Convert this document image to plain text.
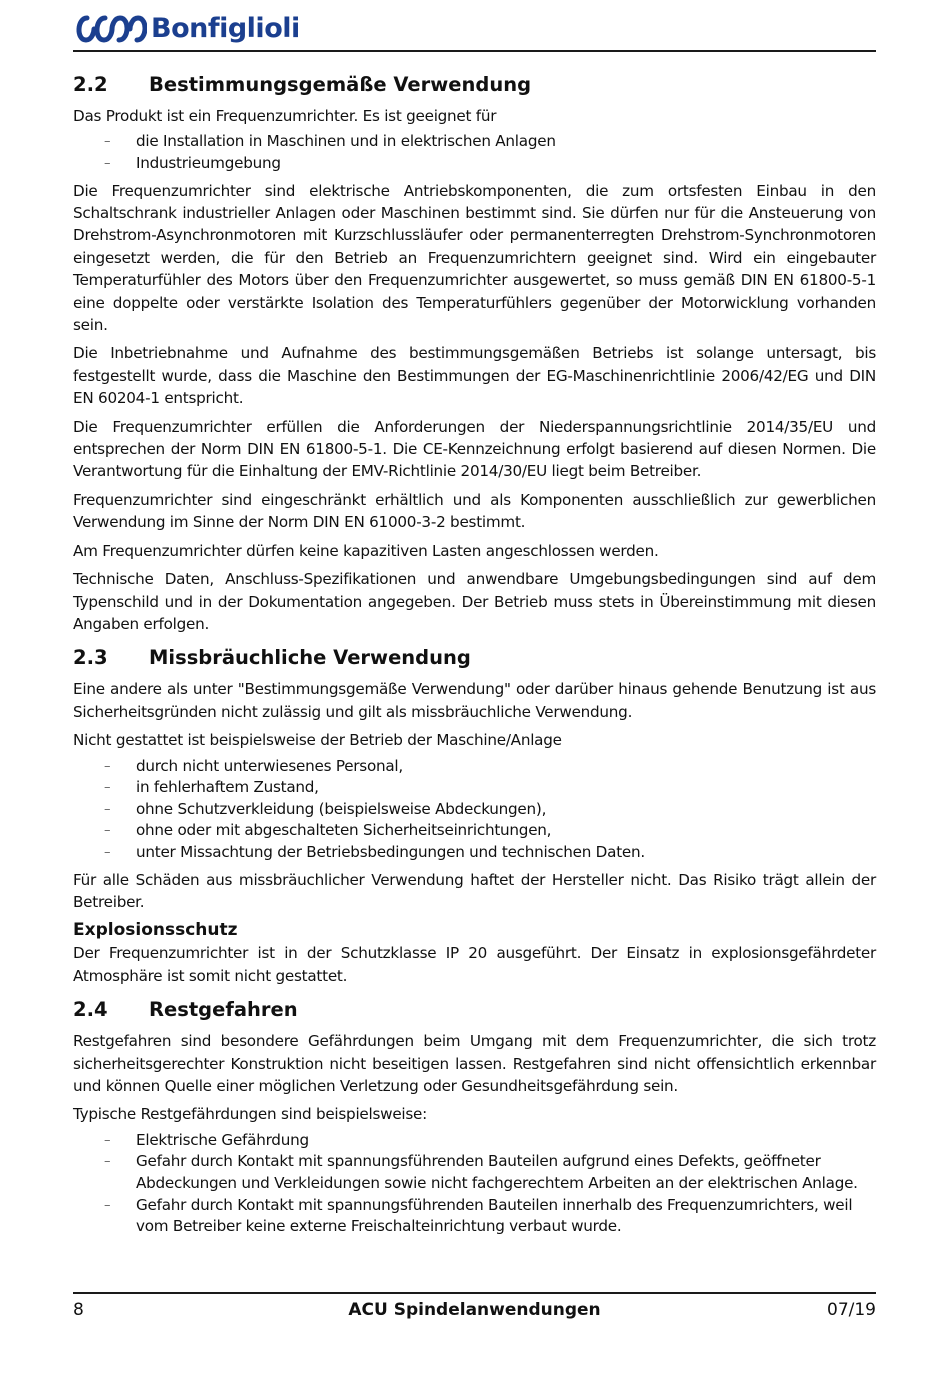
Bonfiglioli
2.2	Bestimmungsgemäße Verwendung

Das Produkt ist ein Frequenzumrichter. Es ist geeignet für

– die Installation in Maschinen und in elektrischen Anlagen
– Industrieumgebung

Die Frequenzumrichter sind elektrische Antriebskomponenten, die zum ortsfesten Einbau in den Schaltschrank industrieller Anlagen oder Maschinen bestimmt sind. Sie dürfen nur für die Ansteuerung von Drehstrom-Asynchronmotoren mit Kurzschlussläufer oder permanenterregten Drehstrom-Synchronmotoren eingesetzt werden, die für den Betrieb an Frequenzumrichtern geeignet sind. Wird ein eingebauter Temperaturfühler des Motors über den Frequenzumrichter ausgewertet, so muss gemäß DIN EN 61800-5-1 eine doppelte oder verstärkte Isolation des Temperaturfühlers gegenüber der Motorwicklung vorhanden sein.

Die Inbetriebnahme und Aufnahme des bestimmungsgemäßen Betriebs ist solange untersagt, bis festgestellt wurde, dass die Maschine den Bestimmungen der EG-Maschinenrichtlinie 2006/42/EG und DIN EN 60204-1 entspricht.

Die Frequenzumrichter erfüllen die Anforderungen der Niederspannungsrichtlinie 2014/35/EU und entsprechen der Norm DIN EN 61800-5-1. Die CE-Kennzeichnung erfolgt basierend auf diesen Normen. Die Verantwortung für die Einhaltung der EMV-Richtlinie 2014/30/EU liegt beim Betreiber.

Frequenzumrichter sind eingeschränkt erhältlich und als Komponenten ausschließlich zur gewerblichen Verwendung im Sinne der Norm DIN EN 61000-3-2 bestimmt.

Am Frequenzumrichter dürfen keine kapazitiven Lasten angeschlossen werden.

Technische Daten, Anschluss-Spezifikationen und anwendbare Umgebungsbedingungen sind auf dem Typenschild und in der Dokumentation angegeben. Der Betrieb muss stets in Übereinstimmung mit diesen Angaben erfolgen.

2.3	Missbräuchliche Verwendung

Eine andere als unter "Bestimmungsgemäße Verwendung" oder darüber hinaus gehende Benutzung ist aus Sicherheitsgründen nicht zulässig und gilt als missbräuchliche Verwendung.

Nicht gestattet ist beispielsweise der Betrieb der Maschine/Anlage

– durch nicht unterwiesenes Personal,
– in fehlerhaftem Zustand,
– ohne Schutzverkleidung (beispielsweise Abdeckungen),
– ohne oder mit abgeschalteten Sicherheitseinrichtungen,
– unter Missachtung der Betriebsbedingungen und technischen Daten.

Für alle Schäden aus missbräuchlicher Verwendung haftet der Hersteller nicht. Das Risiko trägt allein der Betreiber.

Explosionsschutz

Der Frequenzumrichter ist in der Schutzklasse IP 20 ausgeführt. Der Einsatz in explosionsgefährdeter Atmosphäre ist somit nicht gestattet.

2.4	Restgefahren

Restgefahren sind besondere Gefährdungen beim Umgang mit dem Frequenzumrichter, die sich trotz sicherheitsgerechter Konstruktion nicht beseitigen lassen. Restgefahren sind nicht offensichtlich erkennbar und können Quelle einer möglichen Verletzung oder Gesundheitsgefährdung sein.

Typische Restgefährdungen sind beispielsweise:

– Elektrische Gefährdung
– Gefahr durch Kontakt mit spannungsführenden Bauteilen aufgrund eines Defekts, geöffneter Abdeckungen und Verkleidungen sowie nicht fachgerechtem Arbeiten an der elektrischen Anlage.
– Gefahr durch Kontakt mit spannungsführenden Bauteilen innerhalb des Frequenzumrichters, weil vom Betreiber keine externe Freischalteinrichtung verbaut wurde.
8	ACU Spindelanwendungen	07/19
